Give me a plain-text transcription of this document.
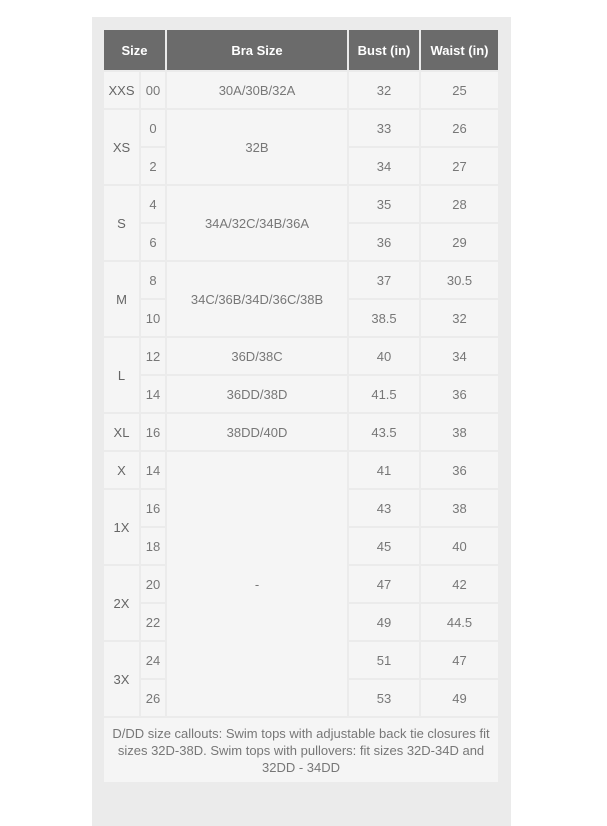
Size		Bra Size	Bust (in)	Waist (in)
XXS	00	30A/30B/32A	32	25
XS	0	32B	33	26
	2		34	27
S	4	34A/32C/34B/36A	35	28
	6		36	29
M	8	34C/36B/34D/36C/38B	37	30.5
	10		38.5	32
L	12	36D/38C	40	34
	14	36DD/38D	41.5	36
XL	16	38DD/40D	43.5	38
X	14	-	41	36
1X	16		43	38
	18		45	40
2X	20		47	42
	22		49	44.5
3X	24		51	47
	26		53	49
D/DD size callouts: Swim tops with adjustable back tie closures fit sizes 32D-38D. Swim tops with pullovers: fit sizes 32D-34D and 32DD - 34DD				
